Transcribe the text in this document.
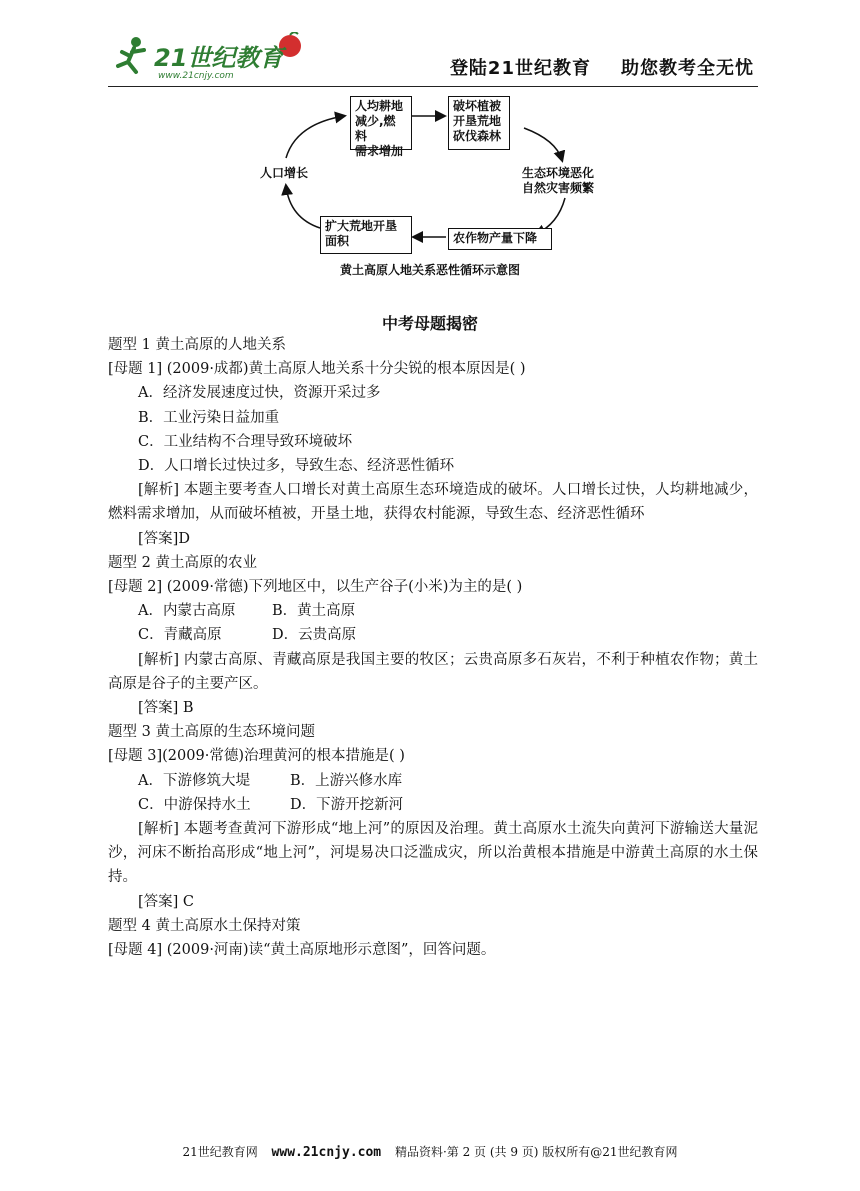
21世纪教育
www.21cnjy.com	登陆21世纪教育 助您教考全无忧
人均耕地
减少,燃料
需求增加
破坏植被
开垦荒地
砍伐森林
生态环境恶化
自然灾害频繁
农作物产量下降
扩大荒地开垦
面积
人口增长
黄土高原人地关系恶性循环示意图
中考母题揭密
题型 1 黄土高原的人地关系
[母题 1] (2009·成都)黄土高原人地关系十分尖锐的根本原因是( )
A．经济发展速度过快，资源开采过多
B．工业污染日益加重
C．工业结构不合理导致环境破坏
D．人口增长过快过多，导致生态、经济恶性循环
[解析] 本题主要考查人口增长对黄土高原生态环境造成的破坏。人口增长过快，人均耕地减少，燃料需求增加，从而破坏植被，开垦土地，获得农村能源，导致生态、经济恶性循环
[答案]D
题型 2 黄土高原的农业
[母题 2] (2009·常德)下列地区中，以生产谷子(小米)为主的是( )
A．内蒙古高原	B．黄土高原
C．青藏高原	D．云贵高原
[解析] 内蒙古高原、青藏高原是我国主要的牧区；云贵高原多石灰岩，不利于种植农作物；黄土高原是谷子的主要产区。
[答案] B
题型 3 黄土高原的生态环境问题
[母题 3](2009·常德)治理黄河的根本措施是( )
A．下游修筑大堤	B．上游兴修水库
C．中游保持水土	D．下游开挖新河
[解析] 本题考查黄河下游形成“地上河”的原因及治理。黄土高原水土流失向黄河下游输送大量泥沙，河床不断抬高形成“地上河”，河堤易决口泛滥成灾，所以治黄根本措施是中游黄土高原的水土保持。
[答案] C
题型 4 黄土高原水土保持对策
[母题 4] (2009·河南)读“黄土高原地形示意图”，回答问题。
21世纪教育网 www.21cnjy.com 精品资料·第 2 页 (共 9 页) 版权所有@21世纪教育网
